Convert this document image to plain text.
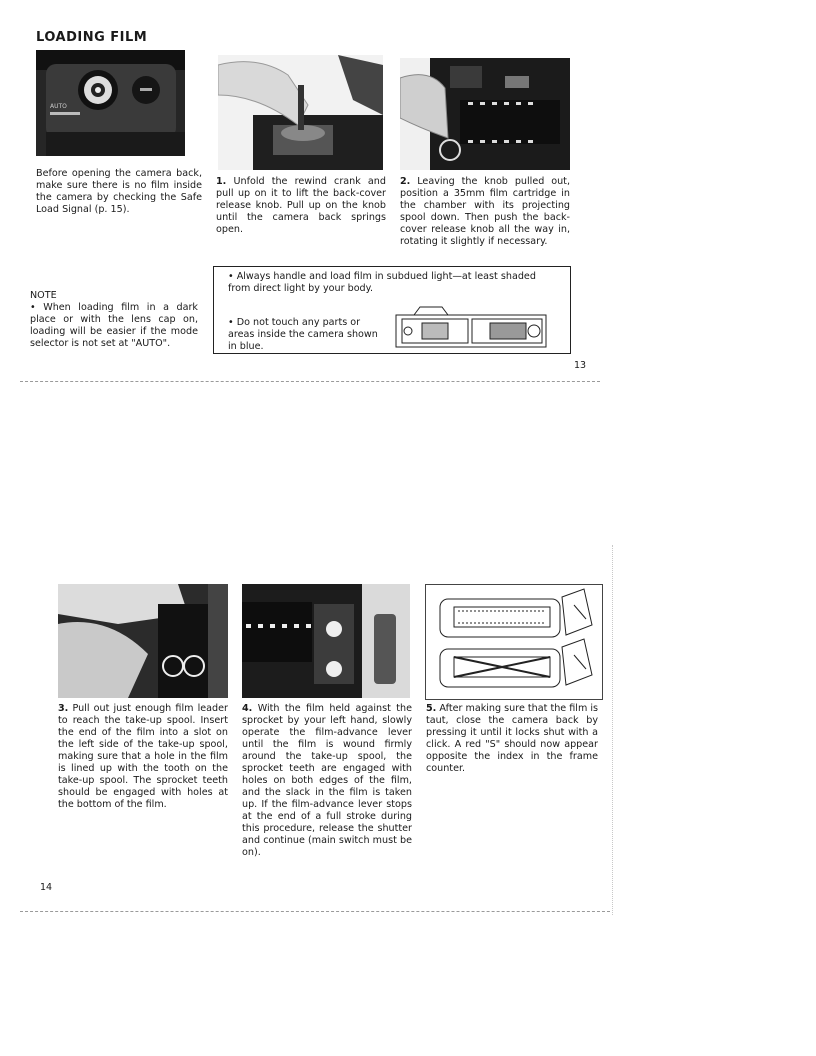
LOADING FILM
AUTO
Before opening the camera back, make sure there is no film inside the camera by checking the Safe Load Signal (p. 15).
1. Unfold the rewind crank and pull up on it to lift the back-cover release knob. Pull up on the knob until the camera back springs open.
2. Leaving the knob pulled out, position a 35mm film cartridge in the chamber with its projecting spool down. Then push the back-cover release knob all the way in, rotating it slightly if necessary.
NOTE
• When loading film in a dark place or with the lens cap on, loading will be easier if the mode selector is not set at "AUTO".
• Always handle and load film in subdued light—at least shaded from direct light by your body.
• Do not touch any parts or areas inside the camera shown in blue.
13
3. Pull out just enough film leader to reach the take-up spool. Insert the end of the film into a slot on the left side of the take-up spool, making sure that a hole in the film is lined up with the tooth on the take-up spool. The sprocket teeth should be engaged with holes at the bottom of the film.
4. With the film held against the sprocket by your left hand, slowly operate the film-advance lever until the film is wound firmly around the take-up spool, the sprocket teeth are engaged with holes on both edges of the film, and the slack in the film is taken up. If the film-advance lever stops at the end of a full stroke during this procedure, release the shutter and continue (main switch must be on).
5. After making sure that the film is taut, close the camera back by pressing it until it locks shut with a click. A red "S" should now appear opposite the index in the frame counter.
14
